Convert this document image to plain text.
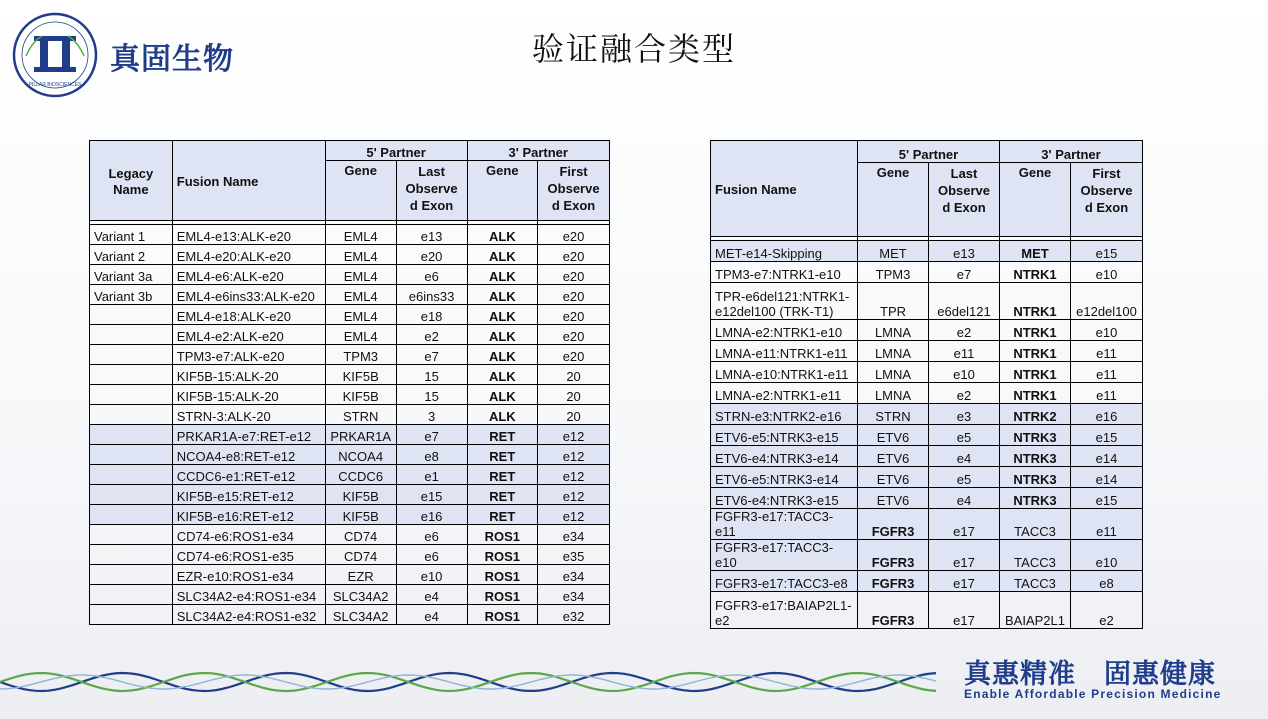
PILLAR BIOSCIENCES
真固生物	验证融合类型
Legacy Name	Fusion Name	5' Partner		3' Partner	
		Gene	Last Observe d Exon	Gene	First Observe d Exon

Variant 1	EML4-e13:ALK-e20	EML4	e13	ALK	e20
Variant 2	EML4-e20:ALK-e20	EML4	e20	ALK	e20
Variant 3a	EML4-e6:ALK-e20	EML4	e6	ALK	e20
Variant 3b	EML4-e6ins33:ALK-e20	EML4	e6ins33	ALK	e20
	EML4-e18:ALK-e20	EML4	e18	ALK	e20
	EML4-e2:ALK-e20	EML4	e2	ALK	e20
	TPM3-e7:ALK-e20	TPM3	e7	ALK	e20
	KIF5B-15:ALK-20	KIF5B	15	ALK	20
	KIF5B-15:ALK-20	KIF5B	15	ALK	20
	STRN-3:ALK-20	STRN	3	ALK	20
	PRKAR1A-e7:RET-e12	PRKAR1A	e7	RET	e12
	NCOA4-e8:RET-e12	NCOA4	e8	RET	e12
	CCDC6-e1:RET-e12	CCDC6	e1	RET	e12
	KIF5B-e15:RET-e12	KIF5B	e15	RET	e12
	KIF5B-e16:RET-e12	KIF5B	e16	RET	e12
	CD74-e6:ROS1-e34	CD74	e6	ROS1	e34
	CD74-e6:ROS1-e35	CD74	e6	ROS1	e35
	EZR-e10:ROS1-e34	EZR	e10	ROS1	e34
	SLC34A2-e4:ROS1-e34	SLC34A2	e4	ROS1	e34
	SLC34A2-e4:ROS1-e32	SLC34A2	e4	ROS1	e32
Fusion Name	5' Partner		3' Partner	
	Gene	Last Observe d Exon	Gene	First Observe d Exon

MET-e14-Skipping	MET	e13	MET	e15
TPM3-e7:NTRK1-e10	TPM3	e7	NTRK1	e10
TPR-e6del121:NTRK1-e12del100 (TRK-T1)	TPR	e6del121	NTRK1	e12del100
LMNA-e2:NTRK1-e10	LMNA	e2	NTRK1	e10
LMNA-e11:NTRK1-e11	LMNA	e11	NTRK1	e11
LMNA-e10:NTRK1-e11	LMNA	e10	NTRK1	e11
LMNA-e2:NTRK1-e11	LMNA	e2	NTRK1	e11
STRN-e3:NTRK2-e16	STRN	e3	NTRK2	e16
ETV6-e5:NTRK3-e15	ETV6	e5	NTRK3	e15
ETV6-e4:NTRK3-e14	ETV6	e4	NTRK3	e14
ETV6-e5:NTRK3-e14	ETV6	e5	NTRK3	e14
ETV6-e4:NTRK3-e15	ETV6	e4	NTRK3	e15
FGFR3-e17:TACC3-e11	FGFR3	e17	TACC3	e11
FGFR3-e17:TACC3-e10	FGFR3	e17	TACC3	e10
FGFR3-e17:TACC3-e8	FGFR3	e17	TACC3	e8
FGFR3-e17:BAIAP2L1-e2	FGFR3	e17	BAIAP2L1	e2
真惠精准　固惠健康
Enable Affordable Precision Medicine
